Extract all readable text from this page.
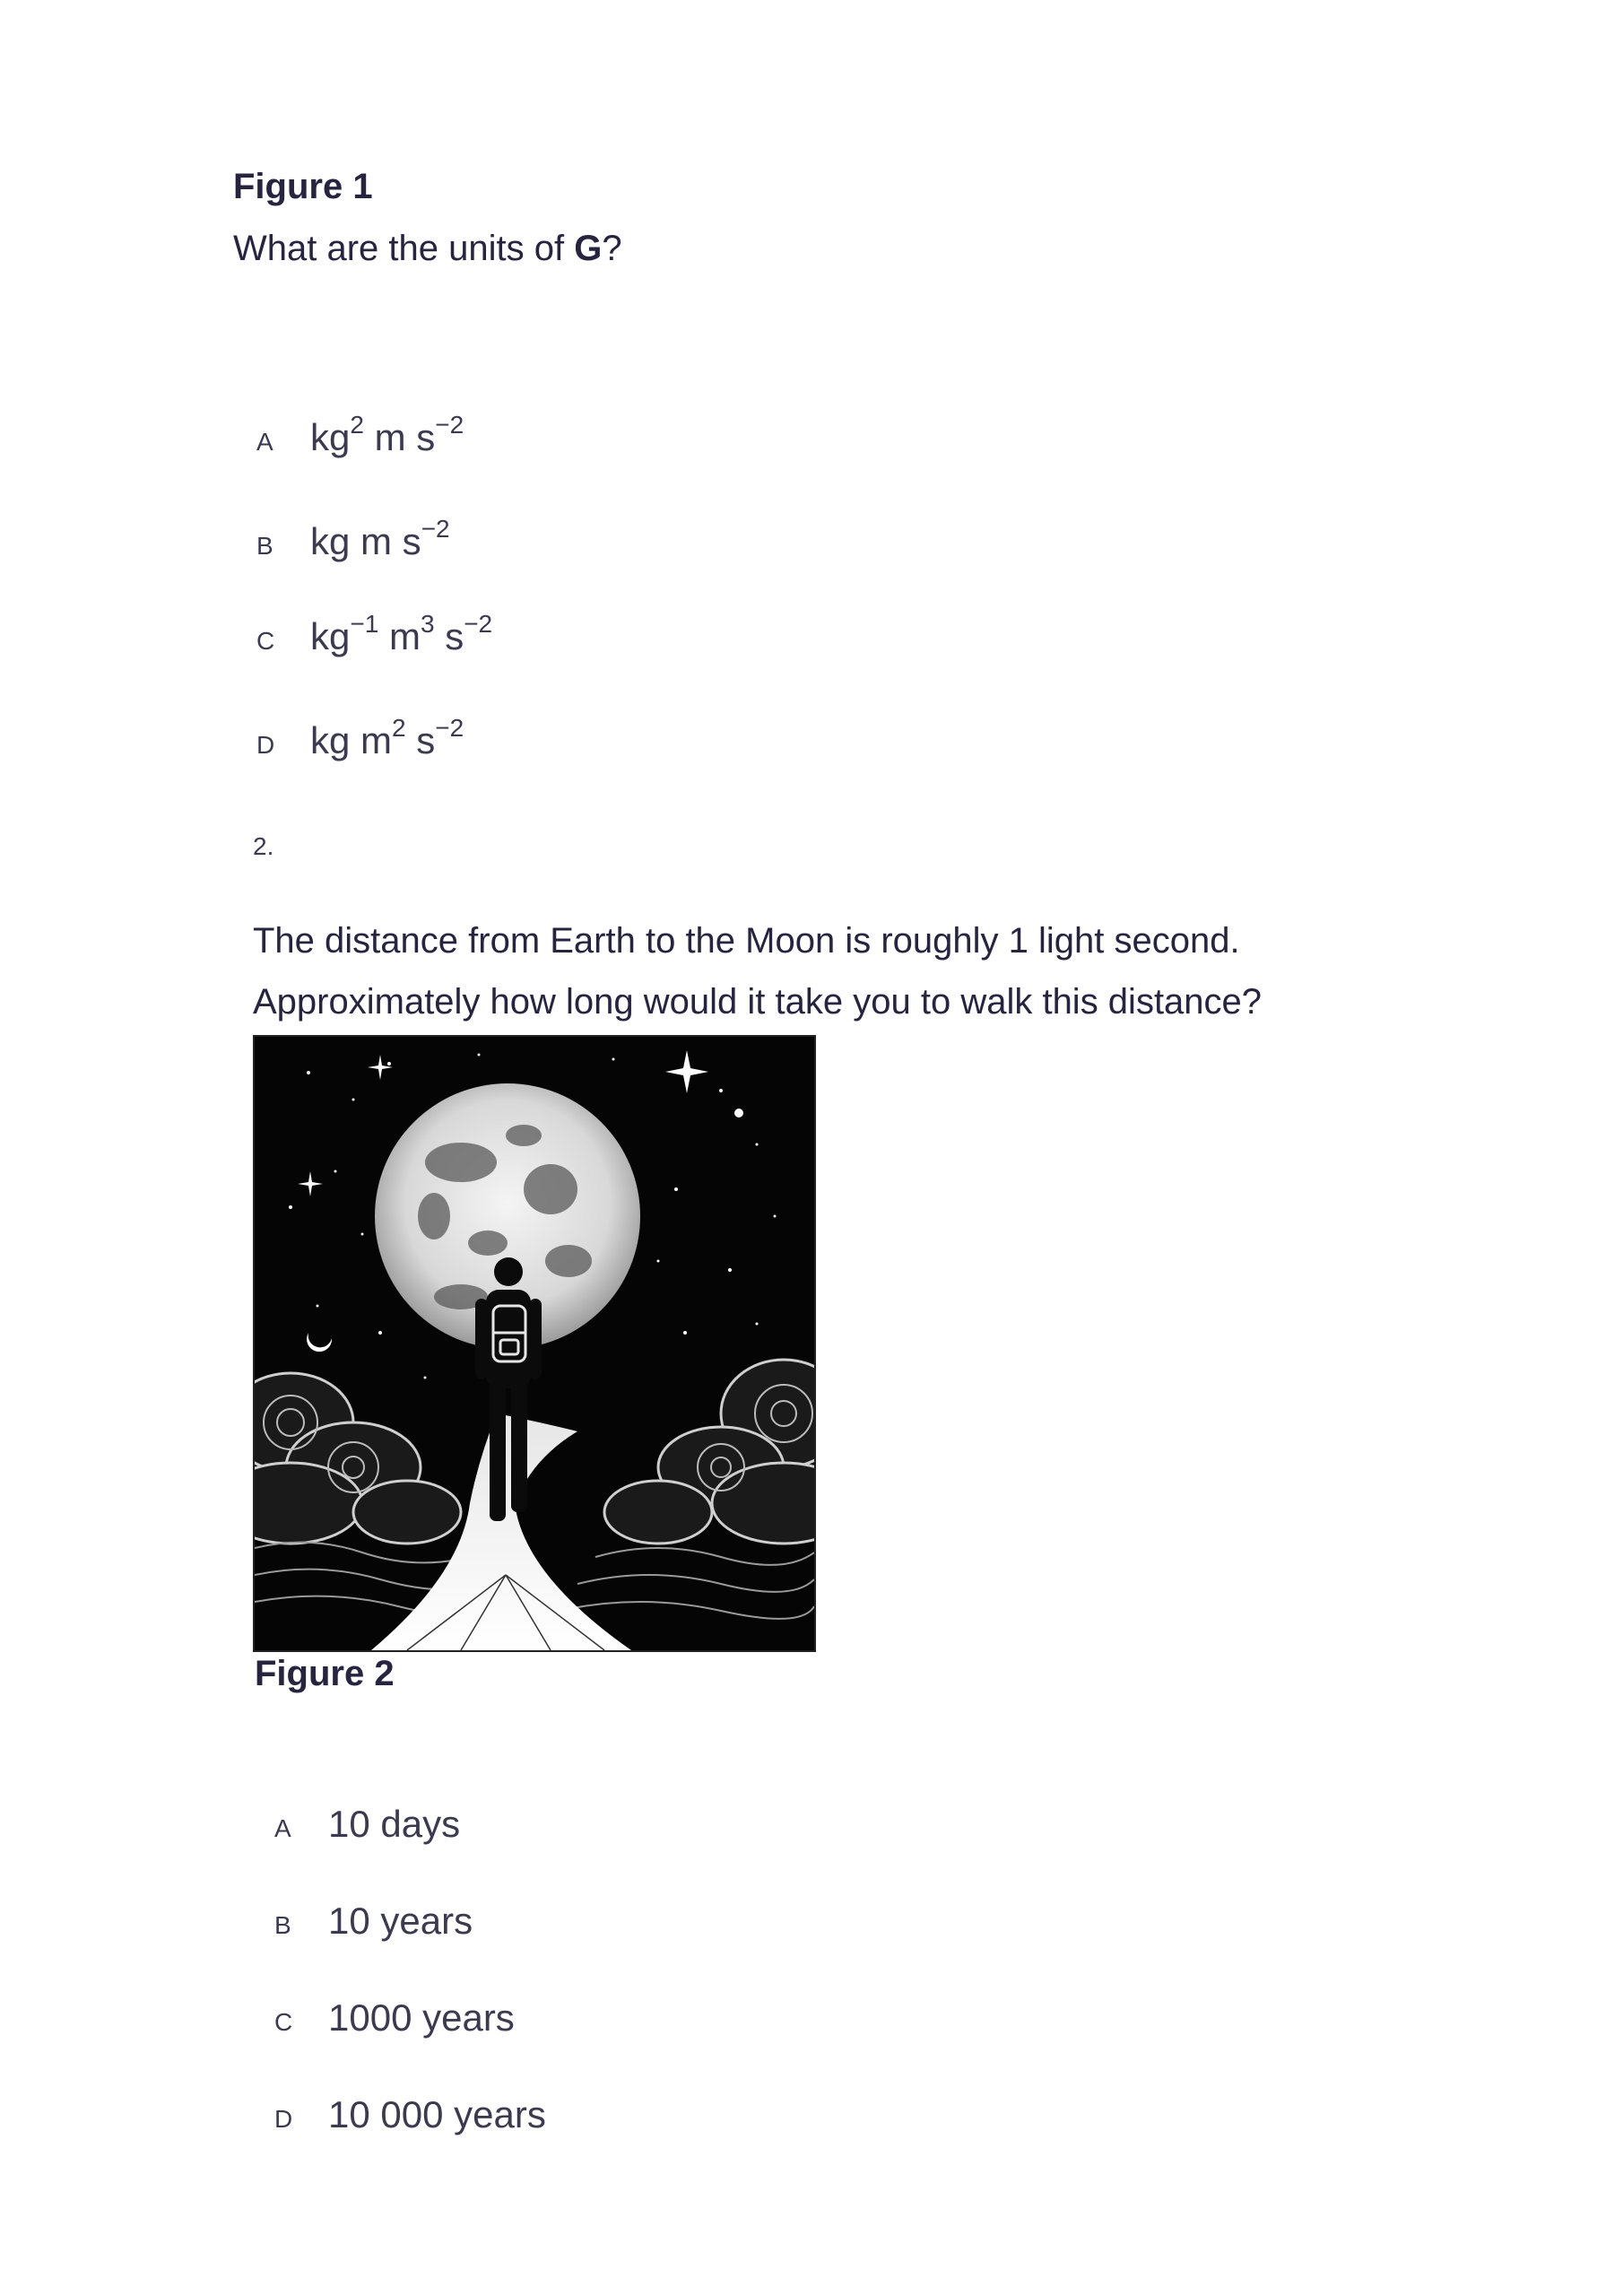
Figure 1
What are the units of G?
A $kg^2$ m $s^{-2}$
B kg m $s^{-2}$
C $kg^{-1}$ $m^3$ $s^{-2}$
D kg $m^2$ $s^{-2}$
2.
The distance from Earth to the Moon is roughly 1 light second.
Approximately how long would it take you to walk this distance?
Figure 2
A 10 days
B 10 years
C 1000 years
D 10 000 years
